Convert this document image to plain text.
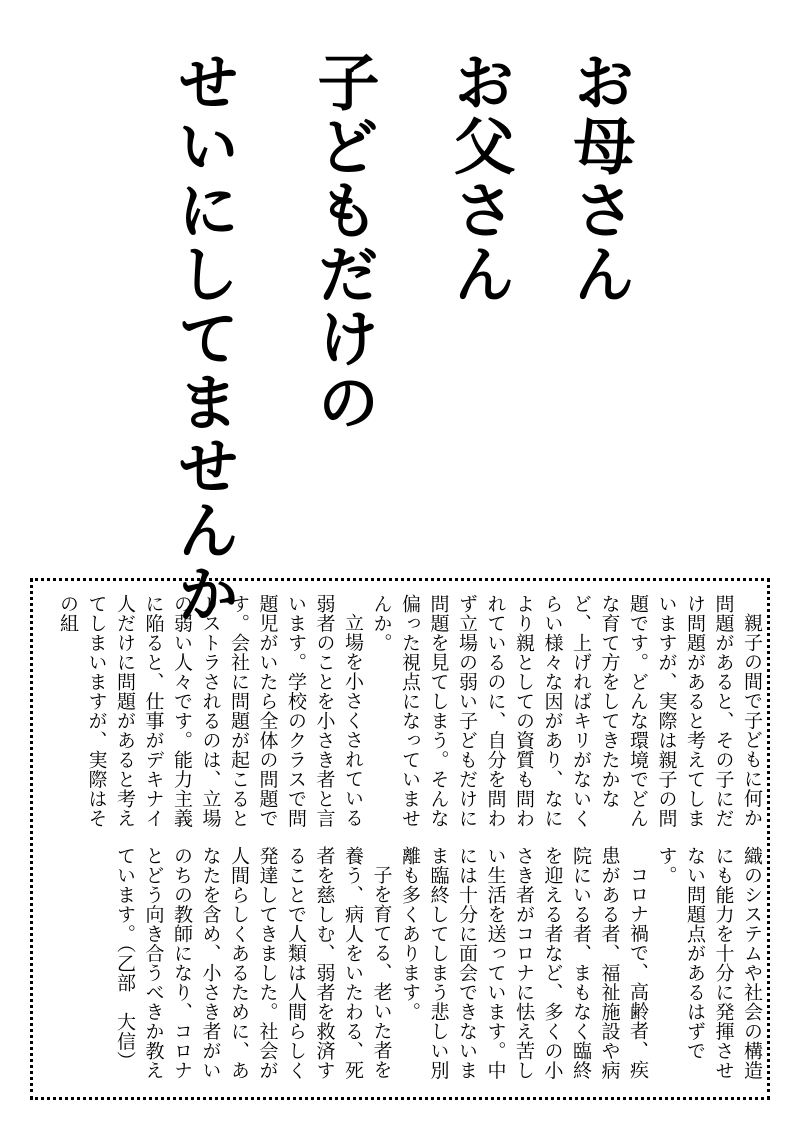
お母さん
お父さん
子どもだけの
せいにしてませんか

親子の間で子どもに何か問題があると、その子にだけ問題があると考えてしまいますが、実際は親子の問題です。どんな環境でどんな育て方をしてきたかなど、上げればキリがないくらい様々な因があり、なにより親としての資質も問われているのに、自分を問わず立場の弱い子どもだけに問題を見てしまう。そんな偏った視点になっていませんか。

立場を小さくされている弱者のことを小さき者と言います。学校のクラスで問題児がいたら全体の問題です。会社に問題が起こるとリストラされるのは、立場の弱い人々です。能力主義に陥ると、仕事がデキナイ人だけに問題があると考えてしまいますが、実際はその組

織のシステムや社会の構造にも能力を十分に発揮させない問題点があるはずです。

コロナ禍で、高齢者、疾患がある者、福祉施設や病院にいる者、まもなく臨終を迎える者など、多くの小さき者がコロナに怯え苦しい生活を送っています。中には十分に面会できないまま臨終してしまう悲しい別離も多くあります。

子を育てる、老いた者を養う、病人をいたわる、死者を慈しむ、弱者を救済することで人類は人間らしく発達してきました。社会が人間らしくあるために、あなたを含め、小さき者がいのちの教師になり、コロナとどう向き合うべきか教えています。（乙部　大信）
